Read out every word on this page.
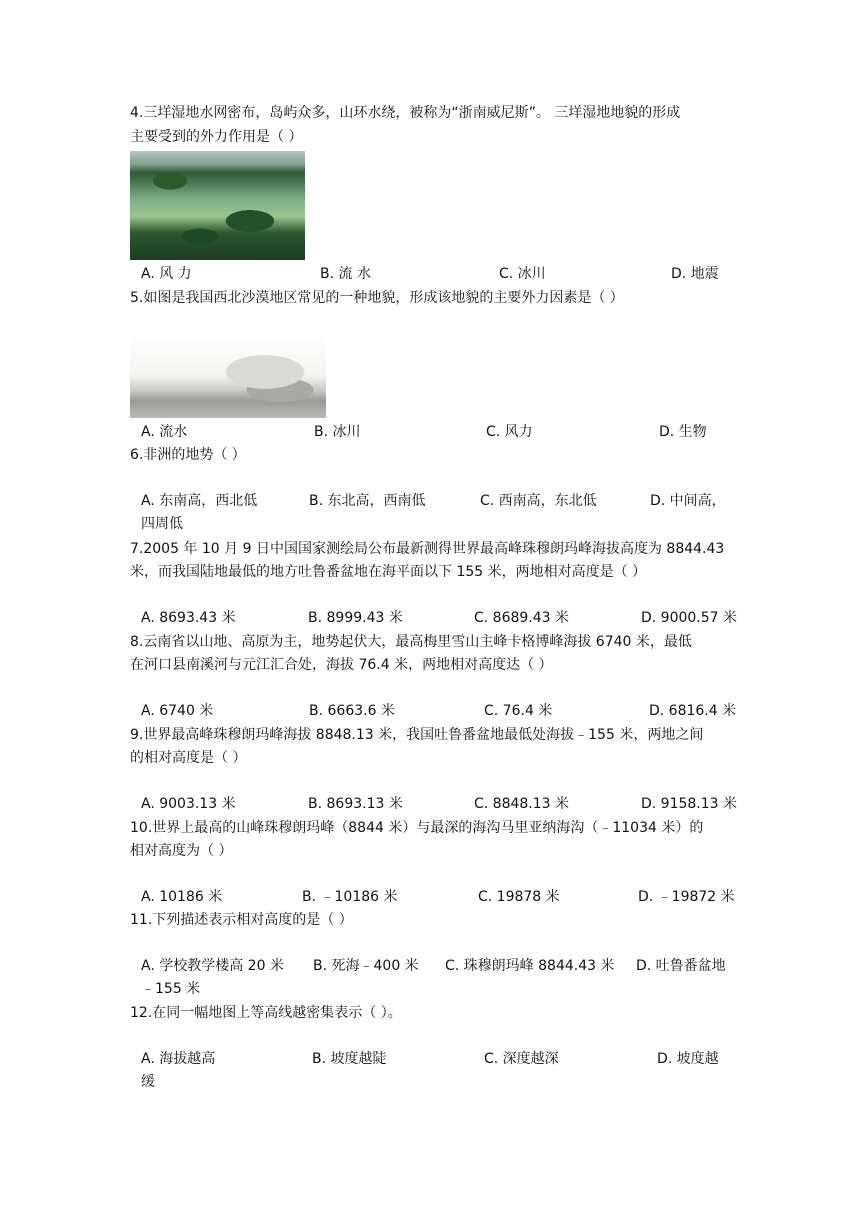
4.三垟湿地水网密布，岛屿众多，山环水绕，被称为“浙南威尼斯”。 三垟湿地地貌的形成
主要受到的外力作用是（ ）
A. 风 力	B. 流 水	C. 冰川	D. 地震
5.如图是我国西北沙漠地区常见的一种地貌，形成该地貌的主要外力因素是（ ）
A. 流水	B. 冰川	C. 风力	D. 生物
6.非洲的地势（ ）
A. 东南高，西北低	B. 东北高，西南低	C. 西南高，东北低	D. 中间高，
四周低
7.2005 年 10 月 9 日中国国家测绘局公布最新测得世界最高峰珠穆朗玛峰海拔高度为 8844.43
米，而我国陆地最低的地方吐鲁番盆地在海平面以下 155 米，两地相对高度是（ ）
A. 8693.43 米	B. 8999.43 米	C. 8689.43 米	D. 9000.57 米
8.云南省以山地、高原为主，地势起伏大，最高梅里雪山主峰卡格博峰海拔 6740 米，最低
在河口县南溪河与元江汇合处，海拔 76.4 米，两地相对高度达（ ）
A. 6740 米	B. 6663.6 米	C. 76.4 米	D. 6816.4 米
9.世界最高峰珠穆朗玛峰海拔 8848.13 米，我国吐鲁番盆地最低处海拔﹣155 米，两地之间
的相对高度是（ ）
A. 9003.13 米	B. 8693.13 米	C. 8848.13 米	D. 9158.13 米
10.世界上最高的山峰珠穆朗玛峰（8844 米）与最深的海沟马里亚纳海沟（﹣11034 米）的
相对高度为（ ）
A. 10186 米	B. ﹣10186 米	C. 19878 米	D. ﹣19872 米
11.下列描述表示相对高度的是（ ）
A. 学校教学楼高 20 米 B. 死海﹣400 米 C. 珠穆朗玛峰 8844.43 米 D. 吐鲁番盆地
﹣155 米
12.在同一幅地图上等高线越密集表示（ ）。
A. 海拔越高	B. 坡度越陡	C. 深度越深	D. 坡度越
缓
